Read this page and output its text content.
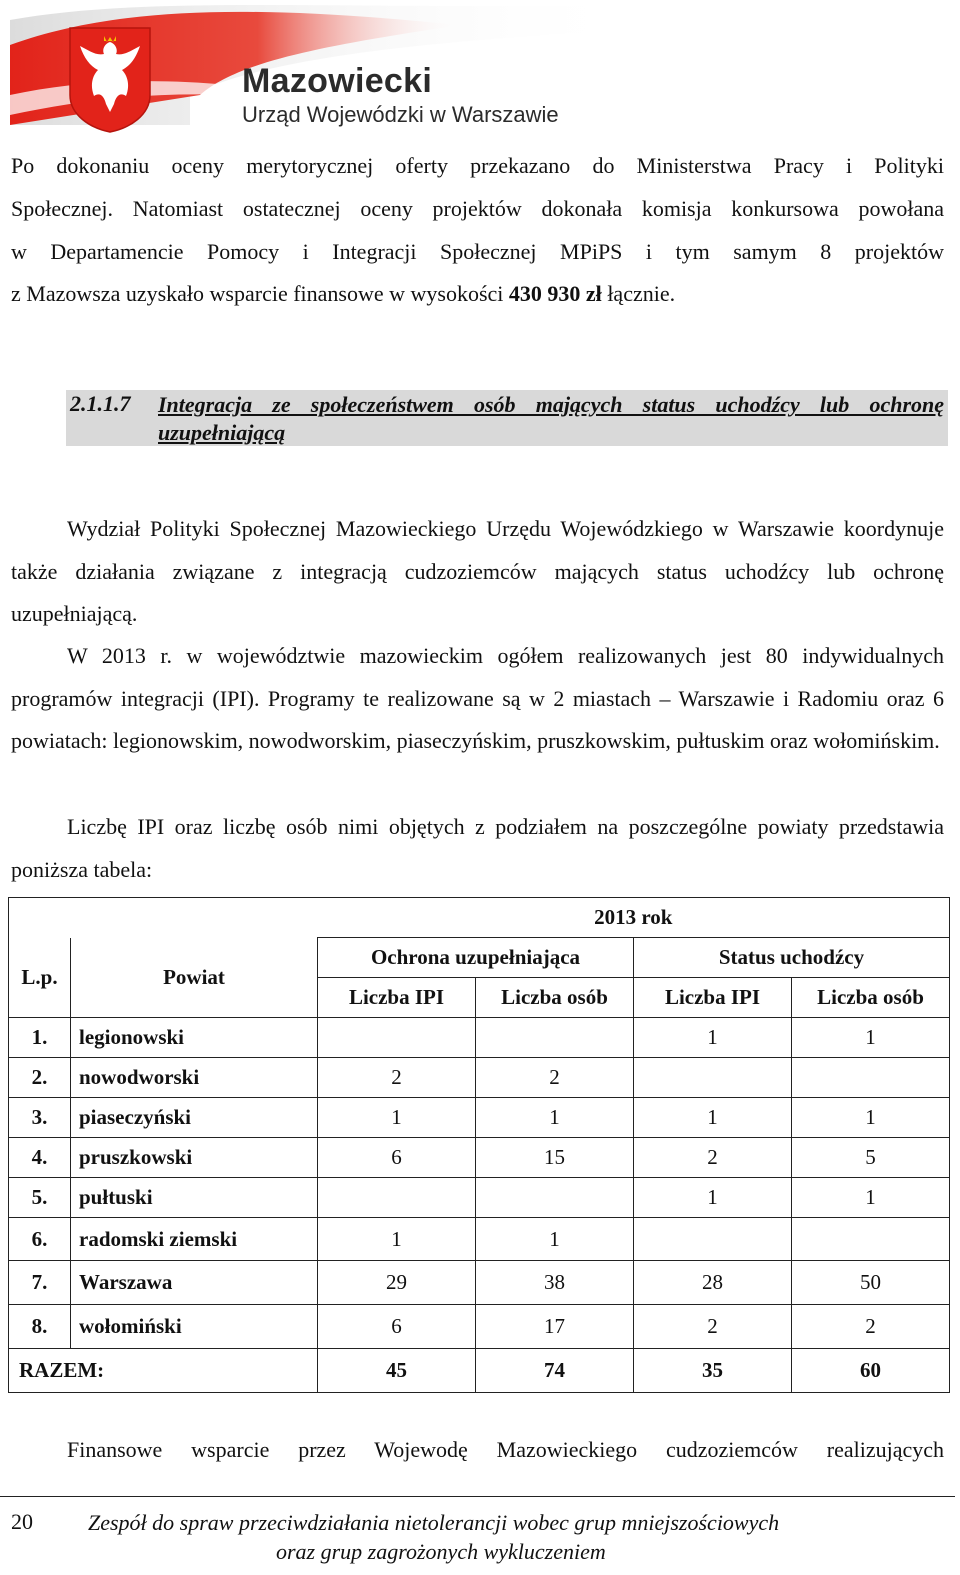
Mazowiecki
Urząd Wojewódzki w Warszawie

Po dokonaniu oceny merytorycznej oferty przekazano do Ministerstwa Pracy i Polityki

Społecznej. Natomiast ostatecznej oceny projektów dokonała komisja konkursowa powołana

w Departamencie Pomocy i Integracji Społecznej MPiPS i tym samym 8 projektów

z Mazowsza uzyskało wsparcie finansowe w wysokości 430 930 zł łącznie.

2.1.1.7 Integracja ze społeczeństwem osób mających status uchodźcy lub ochronę uzupełniającą

Wydział Polityki Społecznej Mazowieckiego Urzędu Wojewódzkiego w Warszawie koordynuje także działania związane z integracją cudzoziemców mających status uchodźcy lub ochronę uzupełniającą.

W 2013 r. w województwie mazowieckim ogółem realizowanych jest 80 indywidualnych programów integracji (IPI). Programy te realizowane są w 2 miastach – Warszawie i Radomiu oraz 6 powiatach: legionowskim, nowodworskim, piaseczyńskim, pruszkowskim, pułtuskim oraz wołomińskim.

Liczbę IPI oraz liczbę osób nimi objętych z podziałem na poszczególne powiaty przedstawia poniższa tabela:

		2013 rok			
L.p.	Powiat	Ochrona uzupełniająca		Status uchodźcy	
		Liczba IPI	Liczba osób	Liczba IPI	Liczba osób
1.	legionowski			1	1
2.	nowodworski	2	2		
3.	piaseczyński	1	1	1	1
4.	pruszkowski	6	15	2	5
5.	pułtuski			1	1
6.	radomski ziemski	1	1		
7.	Warszawa	29	38	28	50
8.	wołomiński	6	17	2	2
RAZEM:		45	74	35	60

Finansowe wsparcie przez Wojewodę Mazowieckiego cudzoziemców realizujących

20	Zespół do spraw przeciwdziałania nietolerancji wobec grup mniejszościowych
oraz grup zagrożonych wykluczeniem
